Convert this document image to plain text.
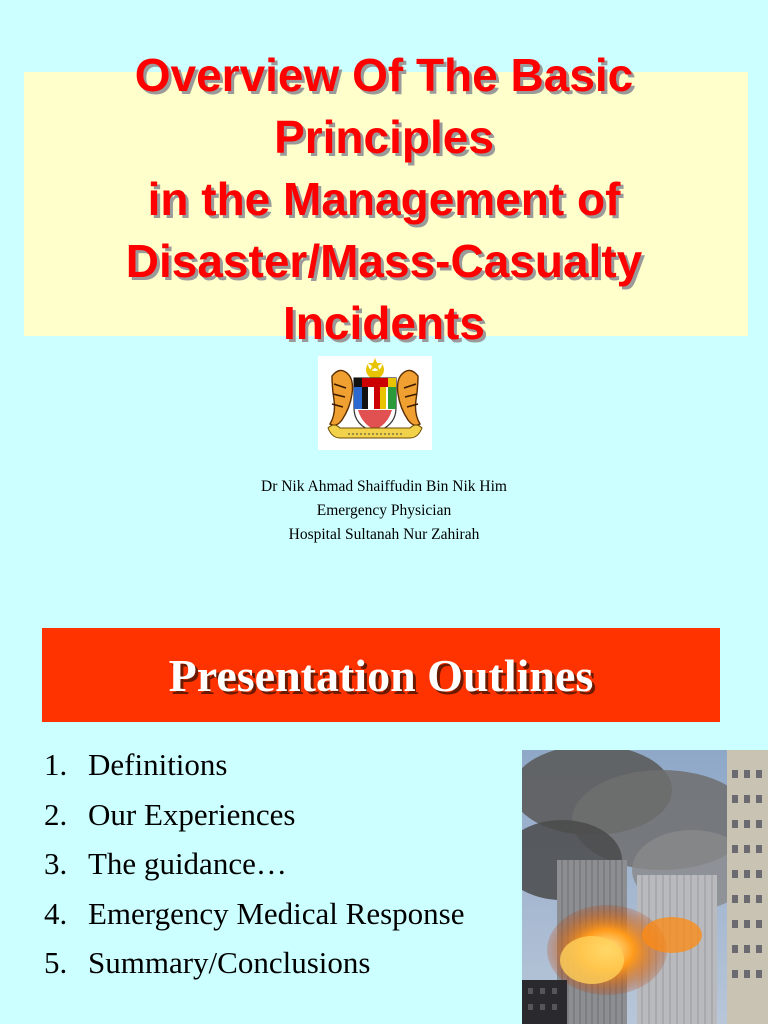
Overview Of The Basic
Principles
in the Management of
Disaster/Mass-Casualty
Incidents
Dr Nik Ahmad Shaiffudin Bin Nik Him
Emergency Physician
Hospital Sultanah Nur Zahirah
Presentation Outlines
1. Definitions
2. Our Experiences
3. The guidance…
4. Emergency Medical Response
5. Summary/Conclusions
